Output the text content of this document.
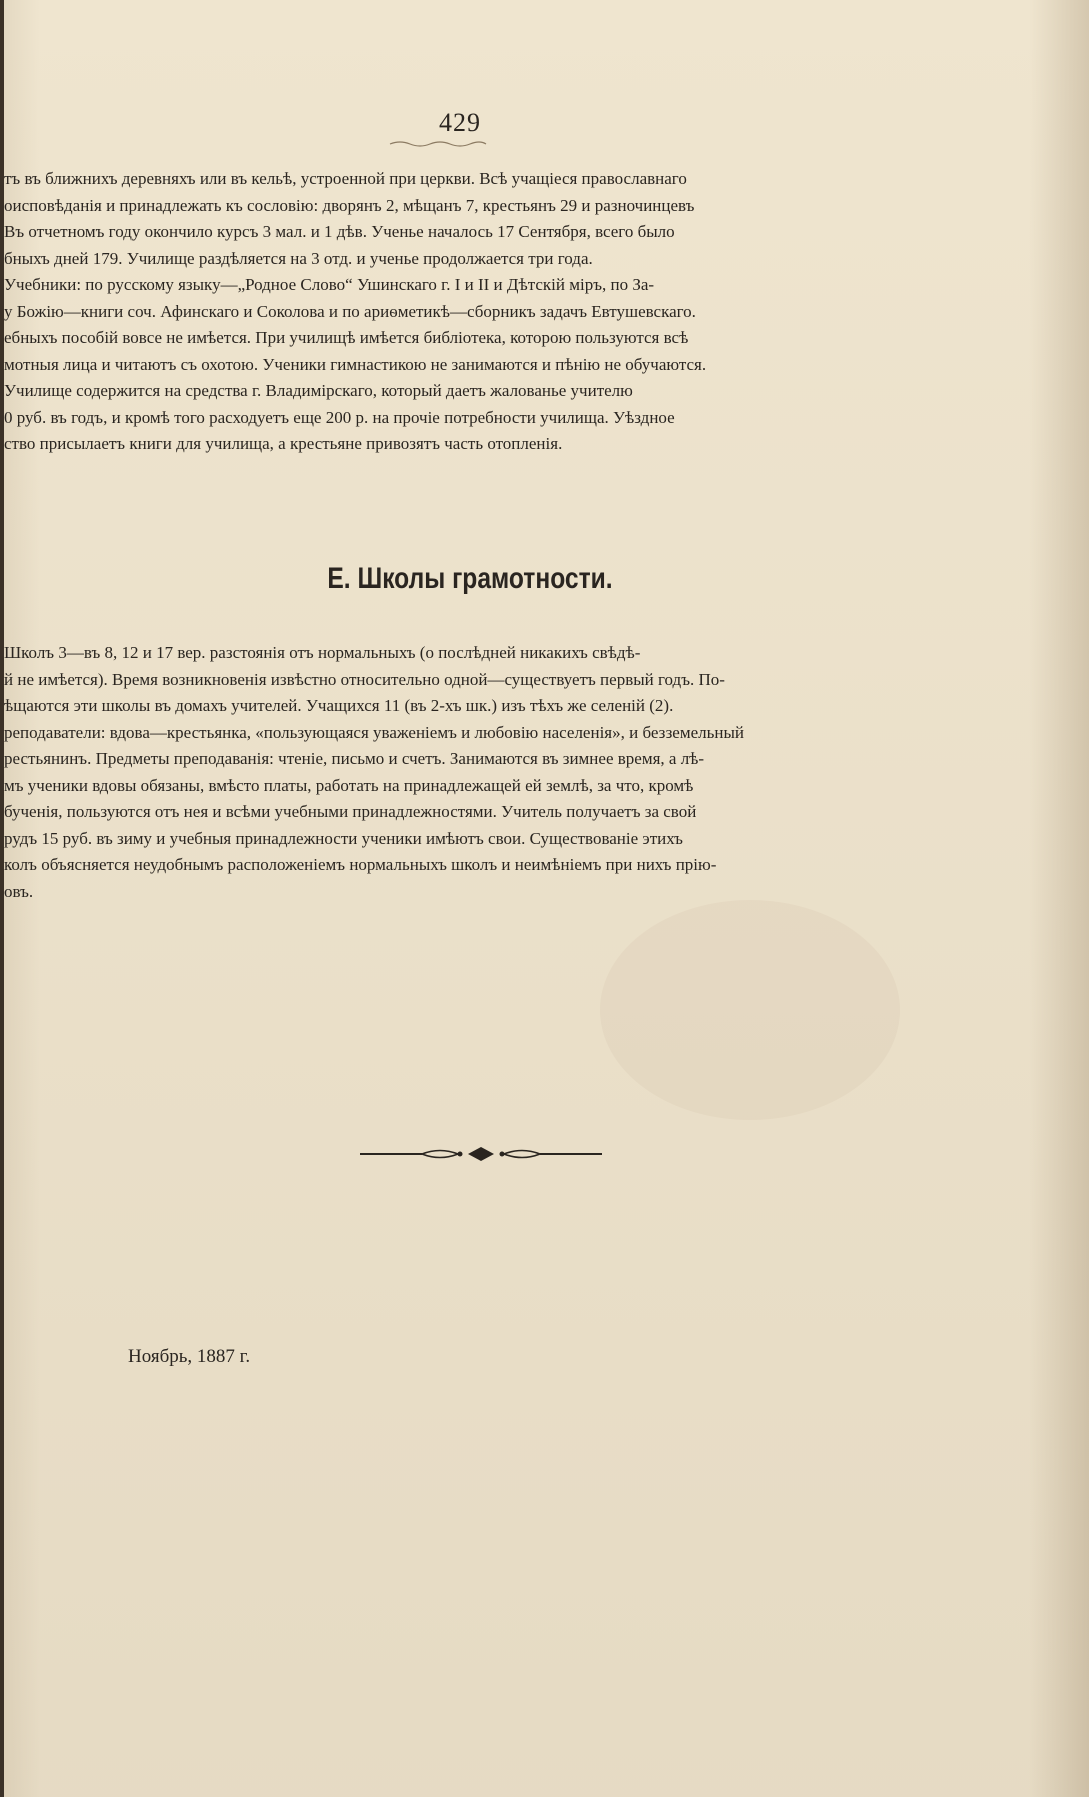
429

тъ въ ближнихъ деревняхъ или въ кельѣ, устроенной при церкви. Всѣ учащіеся православнаго

оисповѣданія и принадлежать къ сословію: дворянъ 2, мѣщанъ 7, крестьянъ 29 и разночинцевъ

Въ отчетномъ году окончило курсъ 3 мал. и 1 дѣв. Ученье началось 17 Сентября, всего было

бныхъ дней 179. Училище раздѣляется на 3 отд. и ученье продолжается три года.

Учебники: по русскому языку—„Родное Слово“ Ушинскаго г. I и II и Дѣтскій міръ, по За-

у Божію—книги соч. Афинскаго и Соколова и по ариѳметикѣ—сборникъ задачъ Евтушевскаго.

ебныхъ пособій вовсе не имѣется. При училищѣ имѣется библіотека, которою пользуются всѣ

мотныя лица и читаютъ съ охотою. Ученики гимнастикою не занимаются и пѣнію не обучаются.

Училище содержится на средства г. Владимірскаго, который даетъ жалованье учителю

0 руб. въ годъ, и кромѣ того расходуетъ еще 200 р. на прочіе потребности училища. Уѣздное

ство присылаетъ книги для училища, а крестьяне привозятъ часть отопленія.

Е. Школы грамотности.

Школъ 3—въ 8, 12 и 17 вер. разстоянія отъ нормальныхъ (о послѣдней никакихъ свѣдѣ-

й не имѣется). Время возникновенія извѣстно относительно одной—существуетъ первый годъ. По-

ѣщаются эти школы въ домахъ учителей. Учащихся 11 (въ 2-хъ шк.) изъ тѣхъ же селеній (2).

реподаватели: вдова—крестьянка, «пользующаяся уваженіемъ и любовію населенія», и безземельный

рестьянинъ. Предметы преподаванія: чтеніе, письмо и счетъ. Занимаются въ зимнее время, а лѣ-

мъ ученики вдовы обязаны, вмѣсто платы, работать на принадлежащей ей землѣ, за что, кромѣ

бученія, пользуются отъ нея и всѣми учебными принадлежностями. Учитель получаетъ за свой

рудъ 15 руб. въ зиму и учебныя принадлежности ученики имѣютъ свои. Существованіе этихъ

колъ объясняется неудобнымъ расположеніемъ нормальныхъ школъ и неимѣніемъ при нихъ прію-

овъ.

Ноябрь, 1887 г.
